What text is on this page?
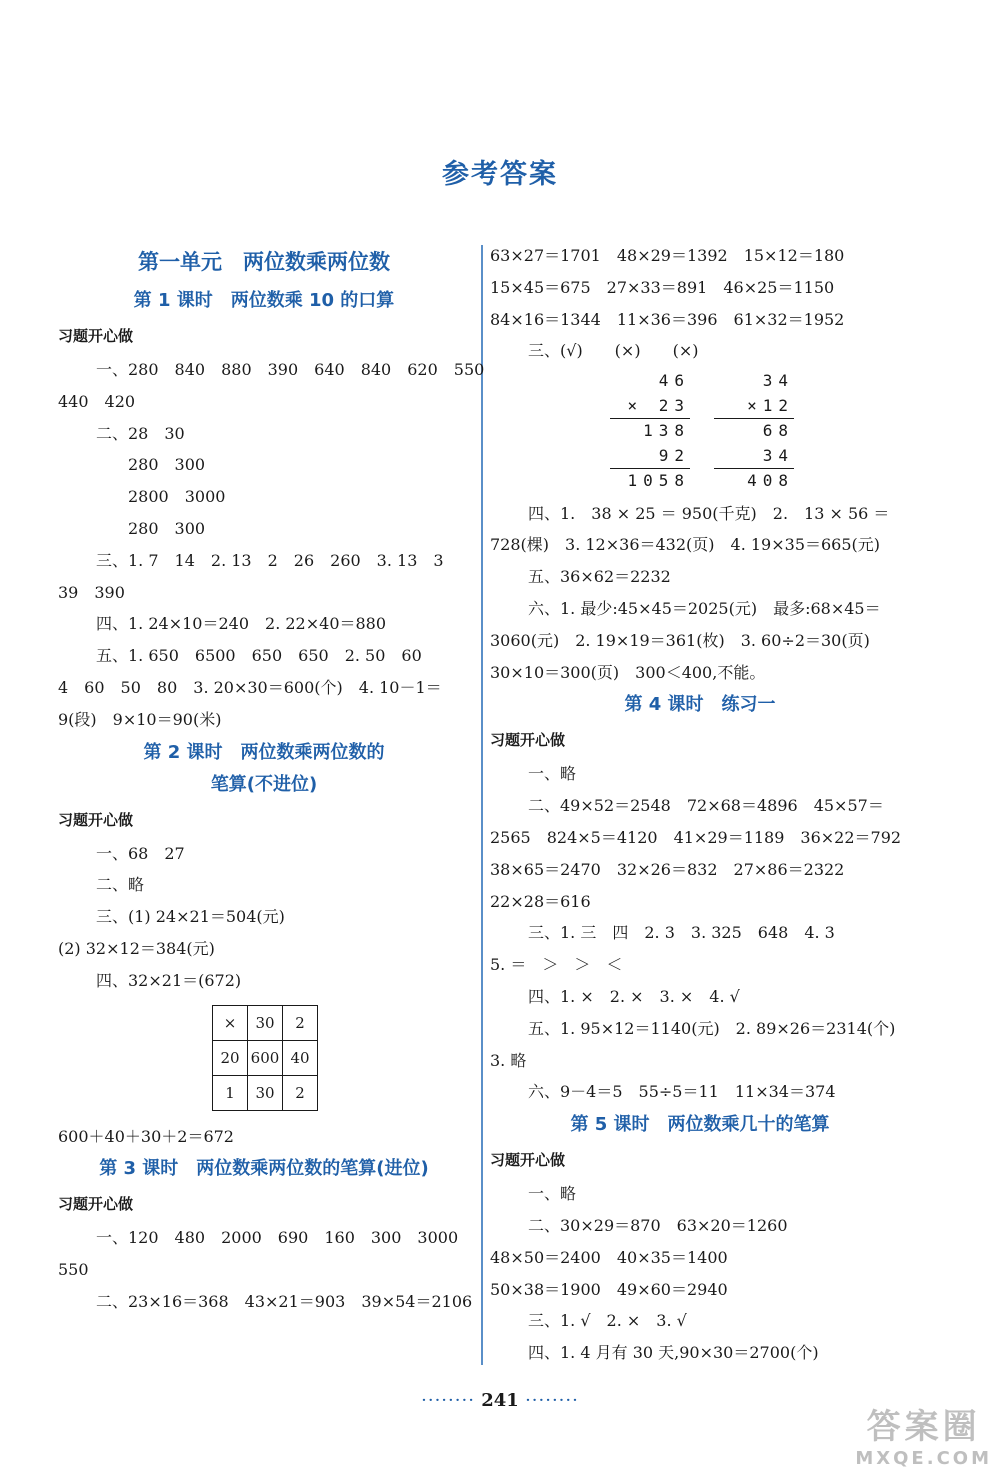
参考答案
第一单元　两位数乘两位数
第 1 课时　两位数乘 10 的口算
习题开心做
一、280　840　880　390　640　840　620　550
440　420
二、28　30
280　300
2800　3000
280　300
三、1. 7　14　2. 13　2　26　260　3. 13　3
39　390
四、1. 24×10＝240　2. 22×40＝880
五、1. 650　6500　650　650　2. 50　60
4　60　50　80　3. 20×30＝600(个)　4. 10－1＝
9(段)　9×10＝90(米)
第 2 课时　两位数乘两位数的
笔算(不进位)
习题开心做
一、68　27
二、略
三、(1) 24×21＝504(元)
(2) 32×12＝384(元)
四、32×21＝(672)
×	30	2
20	600	40
1	30	2
600＋40＋30＋2＝672
第 3 课时　两位数乘两位数的笔算(进位)
习题开心做
一、120　480　2000　690　160　300　3000
550
二、23×16＝368　43×21＝903　39×54＝2106
63×27＝1701　48×29＝1392　15×12＝180
15×45＝675　27×33＝891　46×25＝1150
84×16＝1344　11×36＝396　61×32＝1952
三、(√)　　(×)　　(×)
46
× 23
138
92
1058
34
×12
68
34
408
四、1.　38 × 25 ＝ 950(千克)　2.　13 × 56 ＝
728(棵)　3. 12×36＝432(页)　4. 19×35＝665(元)
五、36×62＝2232
六、1. 最少:45×45＝2025(元)　最多:68×45＝
3060(元)　2. 19×19＝361(枚)　3. 60÷2＝30(页)
30×10＝300(页)　300＜400,不能。
第 4 课时　练习一
习题开心做
一、略
二、49×52＝2548　72×68＝4896　45×57＝
2565　824×5＝4120　41×29＝1189　36×22＝792
38×65＝2470　32×26＝832　27×86＝2322
22×28＝616
三、1. 三　四　2. 3　3. 325　648　4. 3
5. ＝　＞　＞　＜
四、1. ×　2. ×　3. ×　4. √
五、1. 95×12＝1140(元)　2. 89×26＝2314(个)
3. 略
六、9－4＝5　55÷5＝11　11×34＝374
第 5 课时　两位数乘几十的笔算
习题开心做
一、略
二、30×29＝870　63×20＝1260
48×50＝2400　40×35＝1400
50×38＝1900　49×60＝2940
三、1. √　2. ×　3. √
四、1. 4 月有 30 天,90×30＝2700(个)
········ 241 ········
答案圈
MXQE.COM
